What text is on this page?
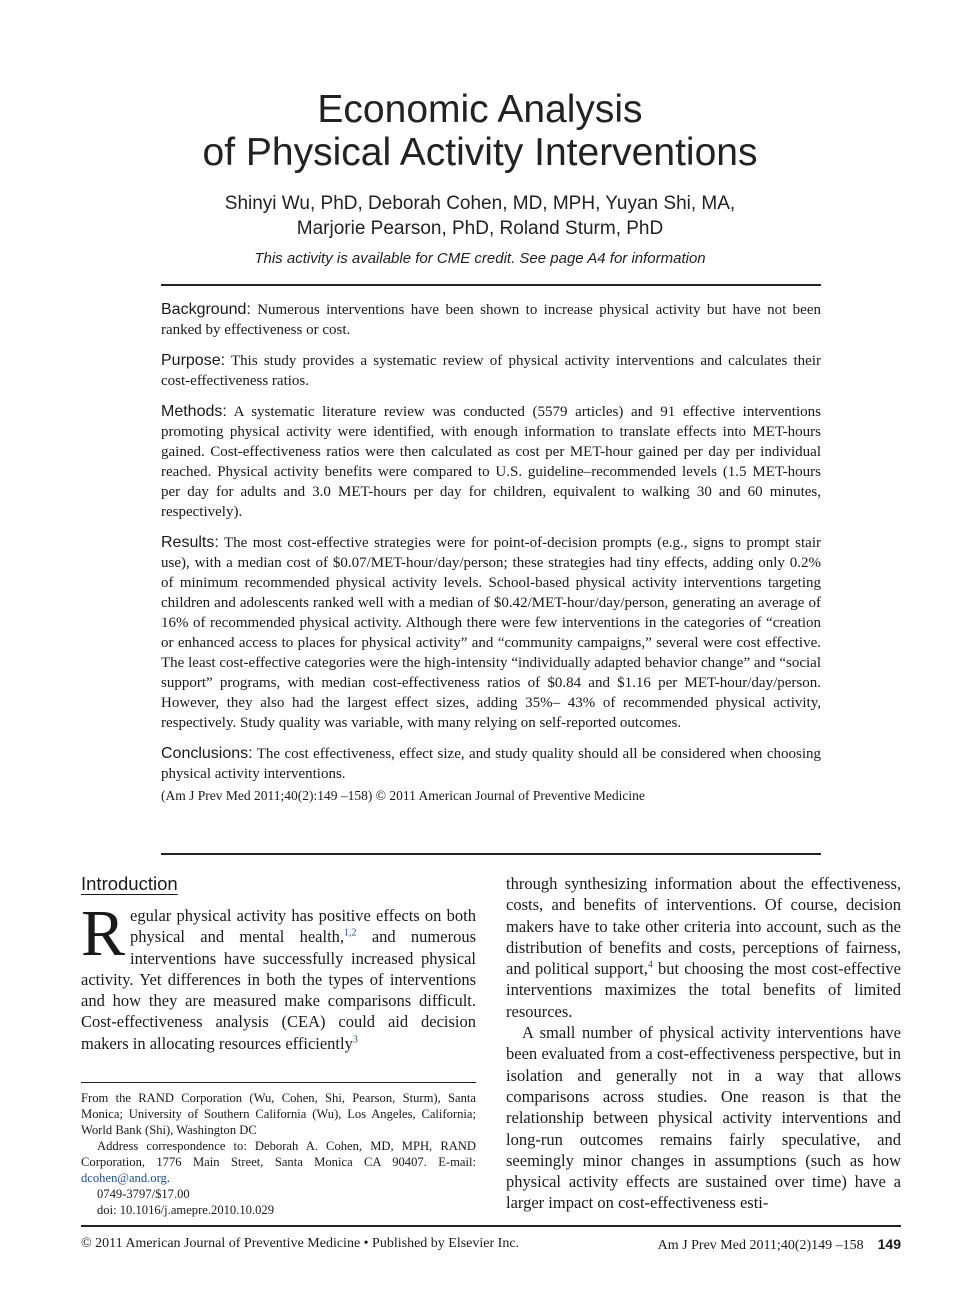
Economic Analysis
of Physical Activity Interventions
Shinyi Wu, PhD, Deborah Cohen, MD, MPH, Yuyan Shi, MA,
Marjorie Pearson, PhD, Roland Sturm, PhD
This activity is available for CME credit. See page A4 for information

Background: Numerous interventions have been shown to increase physical activity but have not been ranked by effectiveness or cost.

Purpose: This study provides a systematic review of physical activity interventions and calculates their cost-effectiveness ratios.

Methods: A systematic literature review was conducted (5579 articles) and 91 effective interventions promoting physical activity were identified, with enough information to translate effects into MET-hours gained. Cost-effectiveness ratios were then calculated as cost per MET-hour gained per day per individual reached. Physical activity benefits were compared to U.S. guideline–recommended levels (1.5 MET-hours per day for adults and 3.0 MET-hours per day for children, equivalent to walking 30 and 60 minutes, respectively).

Results: The most cost-effective strategies were for point-of-decision prompts (e.g., signs to prompt stair use), with a median cost of $0.07/MET-hour/day/person; these strategies had tiny effects, adding only 0.2% of minimum recommended physical activity levels. School-based physical activity interventions targeting children and adolescents ranked well with a median of $0.42/MET-hour/day/person, generating an average of 16% of recommended physical activity. Although there were few interventions in the categories of “creation or enhanced access to places for physical activity” and “community campaigns,” several were cost effective. The least cost-effective categories were the high-intensity “individually adapted behavior change” and “social support” programs, with median cost-effectiveness ratios of $0.84 and $1.16 per MET-hour/day/person. However, they also had the largest effect sizes, adding 35%– 43% of recommended physical activity, respectively. Study quality was variable, with many relying on self-reported outcomes.

Conclusions: The cost effectiveness, effect size, and study quality should all be considered when choosing physical activity interventions.

(Am J Prev Med 2011;40(2):149 –158) © 2011 American Journal of Preventive Medicine

Introduction
Regular physical activity has positive effects on both physical and mental health,$^{1,2}$ and numerous interventions have successfully increased physical activity. Yet differences in both the types of interventions and how they are measured make comparisons difficult. Cost-effectiveness analysis (CEA) could aid decision makers in allocating resources efficiently$^3$

From the RAND Corporation (Wu, Cohen, Shi, Pearson, Sturm), Santa Monica; University of Southern California (Wu), Los Angeles, California; World Bank (Shi), Washington DC

Address correspondence to: Deborah A. Cohen, MD, MPH, RAND Corporation, 1776 Main Street, Santa Monica CA 90407. E-mail: dcohen@and.org.

0749-3797/$17.00

doi: 10.1016/j.amepre.2010.10.029

through synthesizing information about the effectiveness, costs, and benefits of interventions. Of course, decision makers have to take other criteria into account, such as the distribution of benefits and costs, perceptions of fairness, and political support,$^4$ but choosing the most cost-effective interventions maximizes the total benefits of limited resources.

A small number of physical activity interventions have been evaluated from a cost-effectiveness perspective, but in isolation and generally not in a way that allows comparisons across studies. One reason is that the relationship between physical activity interventions and long-run outcomes remains fairly speculative, and seemingly minor changes in assumptions (such as how physical activity effects are sustained over time) have a larger impact on cost-effectiveness esti-

© 2011 American Journal of Preventive Medicine • Published by Elsevier Inc.	Am J Prev Med 2011;40(2)149 –158 149
